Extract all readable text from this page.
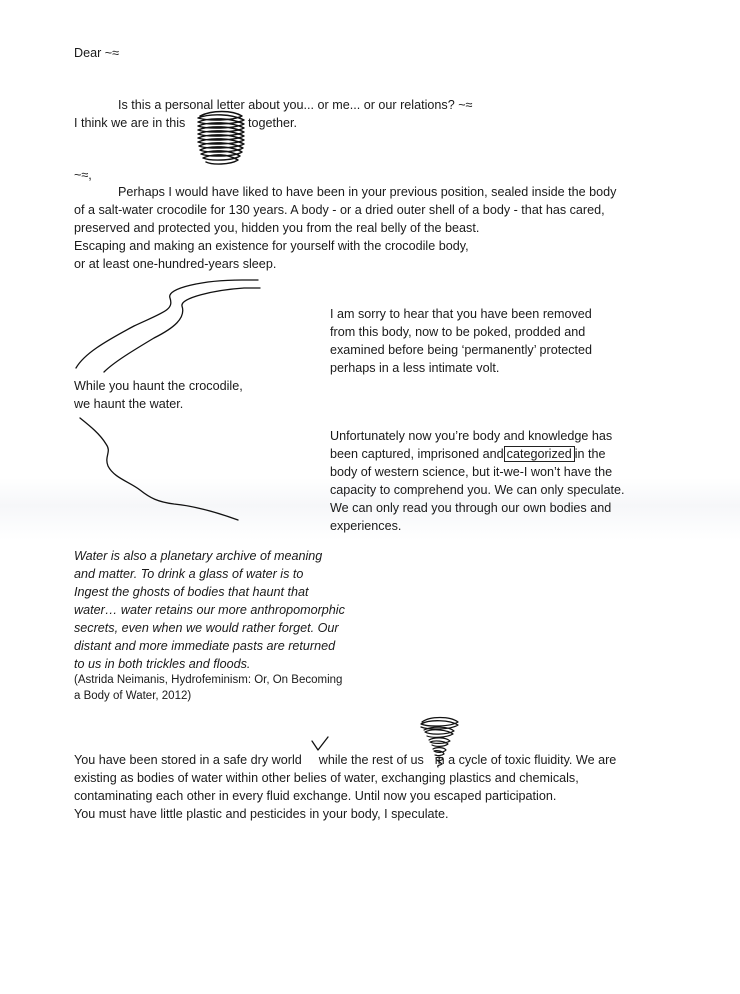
Dear ~≈

Is this a personal letter about you... or me... or our relations? ~≈

I think we are in this	together.

~≈,

Perhaps I would have liked to have been in your previous position, sealed inside the body

of a salt-water crocodile for 130 years. A body - or a dried outer shell of a body - that has cared,

preserved and protected you, hidden you from the real belly of the beast.

Escaping and making an existence for yourself with the crocodile body,

or at least one-hundred-years sleep.

I am sorry to hear that you have been removed

from this body, now to be poked, prodded and

examined before being ‘permanently’ protected

perhaps in a less intimate volt.

While you haunt the crocodile,

we haunt the water.

Unfortunately now you’re body and knowledge has

been captured, imprisoned and categorized in the

body of western science, but it-we-I won’t have the

capacity to comprehend you. We can only speculate.

We can only read you through our own bodies and

experiences.

Water is also a planetary archive of meaning

and matter. To drink a glass of water is to

Ingest the ghosts of bodies that haunt that

water… water retains our more anthropomorphic

secrets, even when we would rather forget. Our

distant and more immediate pasts are returned

to us in both trickles and floods.

(Astrida Neimanis, Hydrofeminism: Or, On Becoming

a Body of Water, 2012)

You have been stored in a safe dry world while the rest of us in a cycle of toxic fluidity. We are

existing as bodies of water within other belies of water, exchanging plastics and chemicals,

contaminating each other in every fluid exchange. Until now you escaped participation.

You must have little plastic and pesticides in your body, I speculate.
